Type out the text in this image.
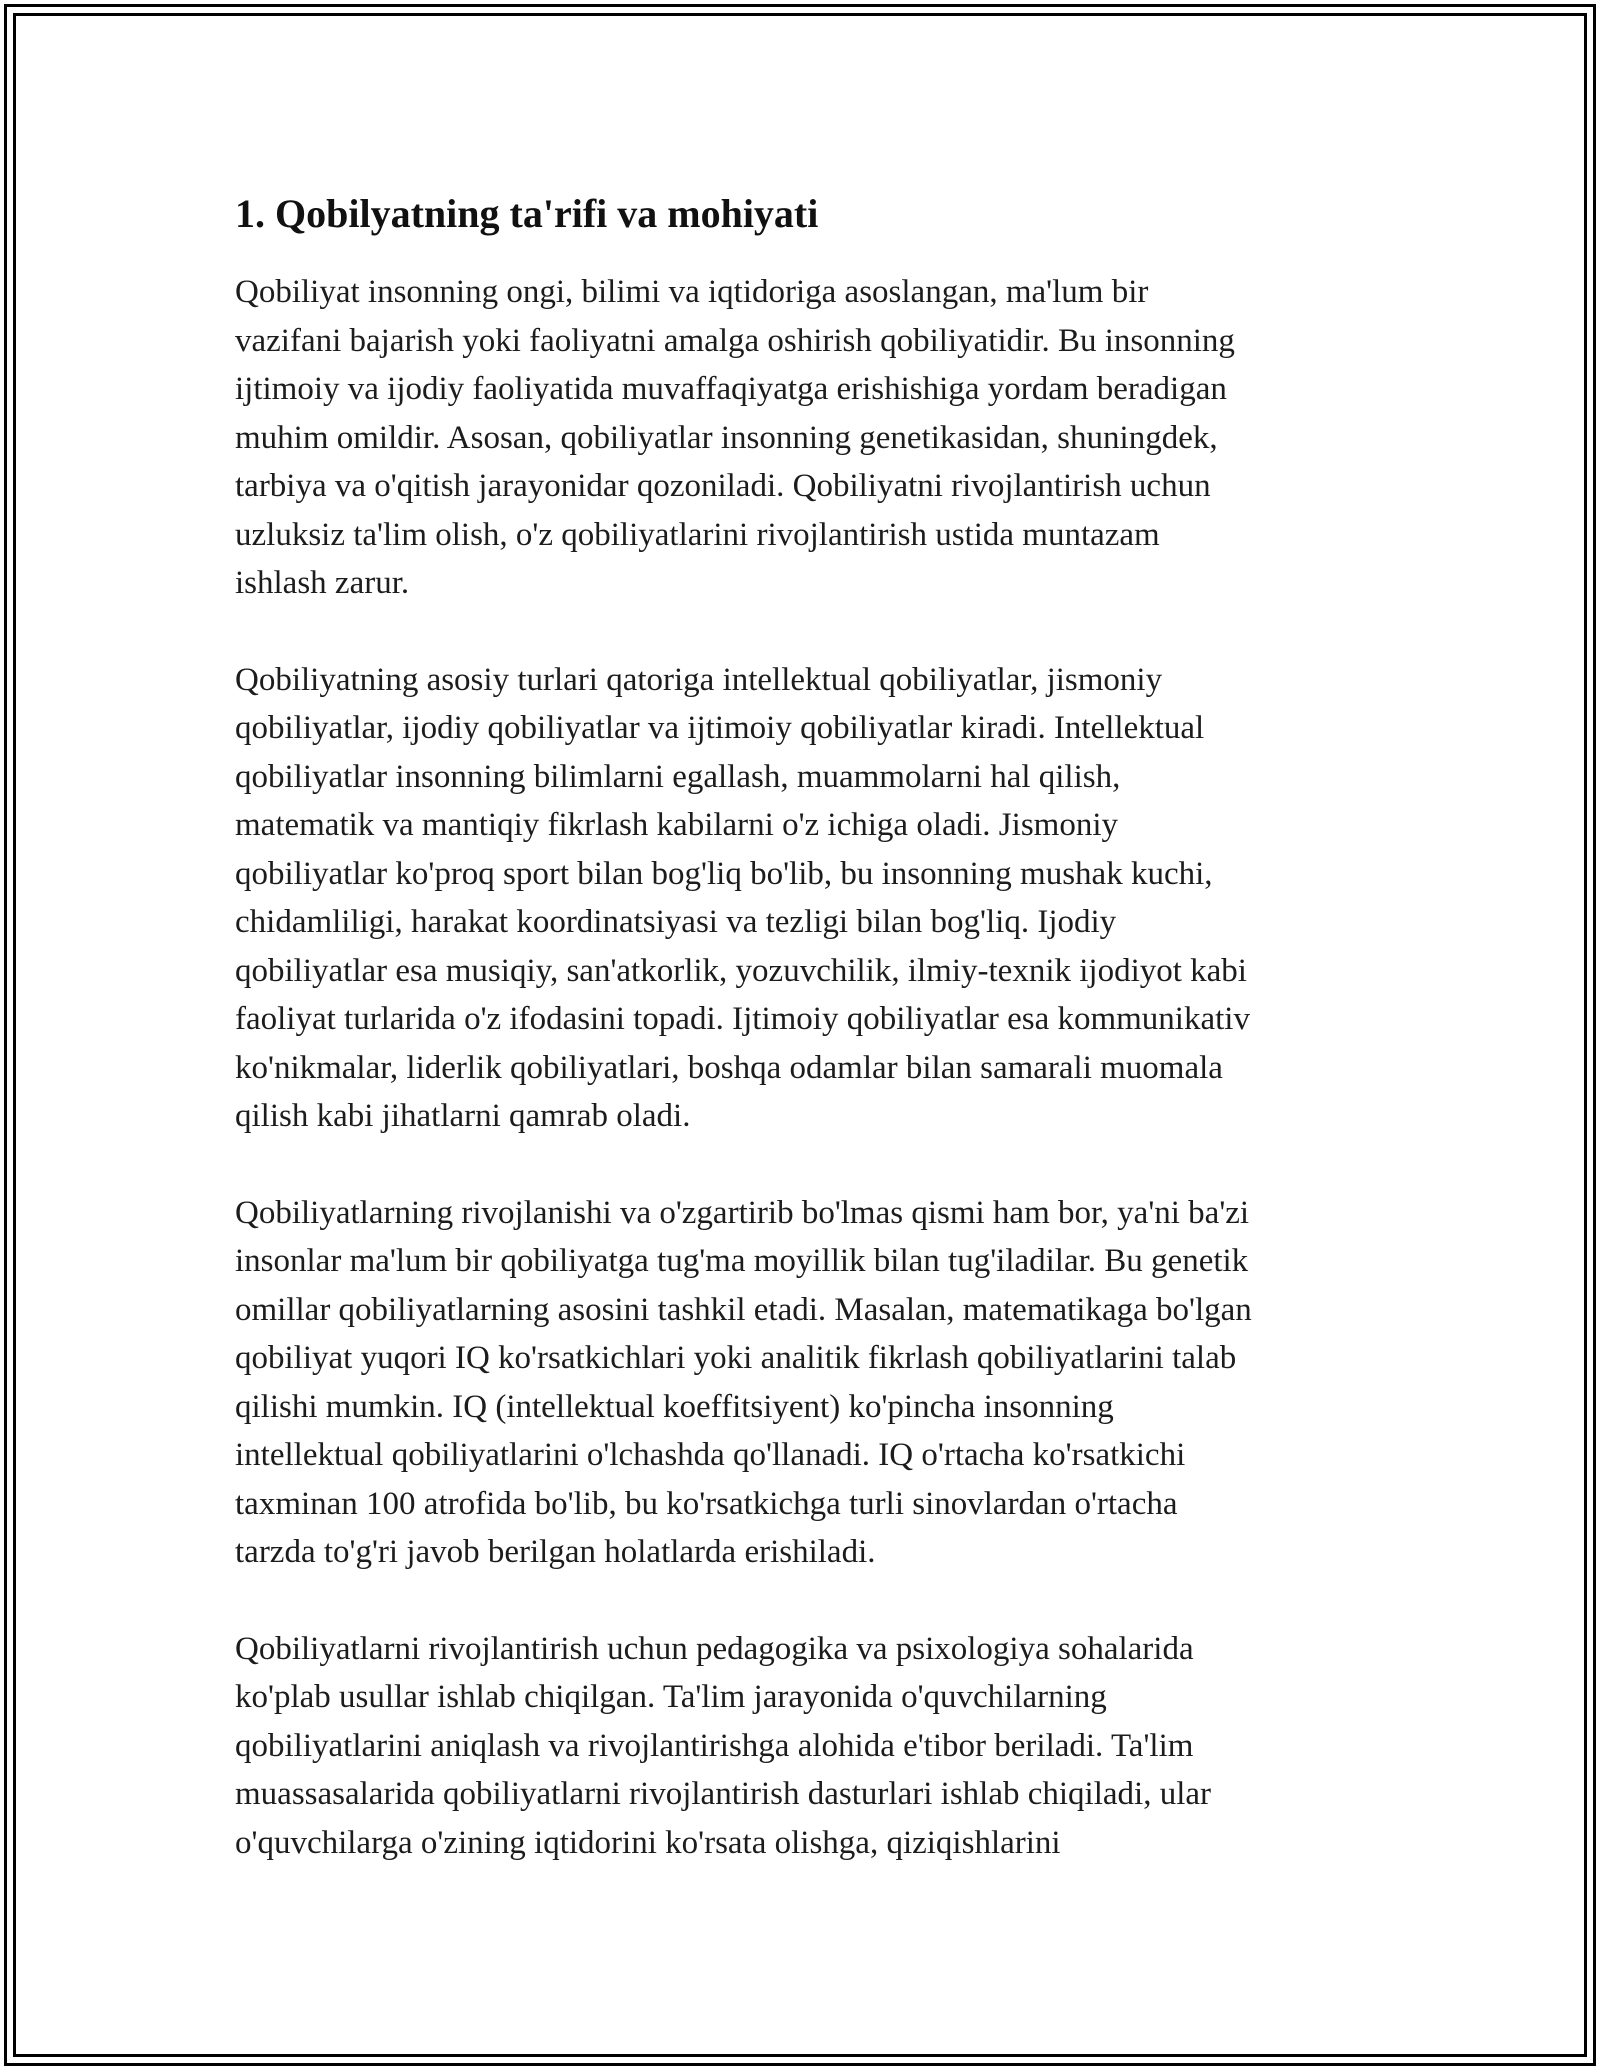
1. Qobilyatning ta'rifi va mohiyati
Qobiliyat insonning ongi, bilimi va iqtidoriga asoslangan, ma'lum bir
vazifani bajarish yoki faoliyatni amalga oshirish qobiliyatidir. Bu insonning
ijtimoiy va ijodiy faoliyatida muvaffaqiyatga erishishiga yordam beradigan
muhim omildir. Asosan, qobiliyatlar insonning genetikasidan, shuningdek,
tarbiya va o'qitish jarayonidar qozoniladi. Qobiliyatni rivojlantirish uchun
uzluksiz ta'lim olish, o'z qobiliyatlarini rivojlantirish ustida muntazam
ishlash zarur.
Qobiliyatning asosiy turlari qatoriga intellektual qobiliyatlar, jismoniy
qobiliyatlar, ijodiy qobiliyatlar va ijtimoiy qobiliyatlar kiradi. Intellektual
qobiliyatlar insonning bilimlarni egallash, muammolarni hal qilish,
matematik va mantiqiy fikrlash kabilarni o'z ichiga oladi. Jismoniy
qobiliyatlar ko'proq sport bilan bog'liq bo'lib, bu insonning mushak kuchi,
chidamliligi, harakat koordinatsiyasi va tezligi bilan bog'liq. Ijodiy
qobiliyatlar esa musiqiy, san'atkorlik, yozuvchilik, ilmiy-texnik ijodiyot kabi
faoliyat turlarida o'z ifodasini topadi. Ijtimoiy qobiliyatlar esa kommunikativ
ko'nikmalar, liderlik qobiliyatlari, boshqa odamlar bilan samarali muomala
qilish kabi jihatlarni qamrab oladi.
Qobiliyatlarning rivojlanishi va o'zgartirib bo'lmas qismi ham bor, ya'ni ba'zi
insonlar ma'lum bir qobiliyatga tug'ma moyillik bilan tug'iladilar. Bu genetik
omillar qobiliyatlarning asosini tashkil etadi. Masalan, matematikaga bo'lgan
qobiliyat yuqori IQ ko'rsatkichlari yoki analitik fikrlash qobiliyatlarini talab
qilishi mumkin. IQ (intellektual koeffitsiyent) ko'pincha insonning
intellektual qobiliyatlarini o'lchashda qo'llanadi. IQ o'rtacha ko'rsatkichi
taxminan 100 atrofida bo'lib, bu ko'rsatkichga turli sinovlardan o'rtacha
tarzda to'g'ri javob berilgan holatlarda erishiladi.
Qobiliyatlarni rivojlantirish uchun pedagogika va psixologiya sohalarida
ko'plab usullar ishlab chiqilgan. Ta'lim jarayonida o'quvchilarning
qobiliyatlarini aniqlash va rivojlantirishga alohida e'tibor beriladi. Ta'lim
muassasalarida qobiliyatlarni rivojlantirish dasturlari ishlab chiqiladi, ular
o'quvchilarga o'zining iqtidorini ko'rsata olishga, qiziqishlarini
